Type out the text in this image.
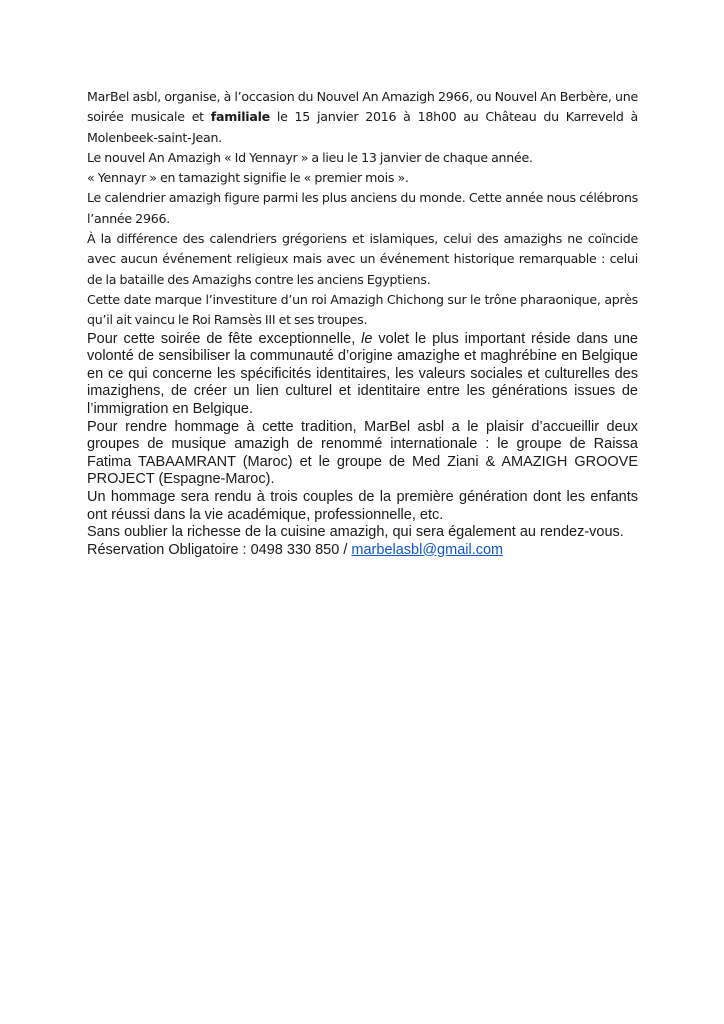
MarBel asbl, organise, à l’occasion du Nouvel An Amazigh 2966, ou Nouvel An Berbère, une soirée musicale et familiale le 15 janvier 2016 à 18h00 au Château du Karreveld à Molenbeek-saint-Jean.

Le nouvel An Amazigh « Id Yennayr » a lieu le 13 janvier de chaque année.

« Yennayr » en tamazight signifie le « premier mois ».

Le calendrier amazigh figure parmi les plus anciens du monde. Cette année nous célébrons l’année 2966.

À la différence des calendriers grégoriens et islamiques, celui des amazighs ne coïncide avec aucun événement religieux mais avec un événement historique remarquable : celui de la bataille des Amazighs contre les anciens Egyptiens.

Cette date marque l’investiture d’un roi Amazigh Chichong sur le trône pharaonique, après qu’il ait vaincu le Roi Ramsès III et ses troupes.

Pour cette soirée de fête exceptionnelle, le volet le plus important réside dans une volonté de sensibiliser la communauté d’origine amazighe et maghrébine en Belgique en ce qui concerne les spécificités identitaires, les valeurs sociales et culturelles des imazighens, de créer un lien culturel et identitaire entre les générations issues de l’immigration en Belgique.

Pour rendre hommage à cette tradition, MarBel asbl a le plaisir d’accueillir deux groupes de musique amazigh de renommé internationale : le groupe de Raissa Fatima TABAAMRANT (Maroc) et le groupe de Med Ziani & AMAZIGH GROOVE PROJECT (Espagne-Maroc).

Un hommage sera rendu à trois couples de la première génération dont les enfants ont réussi dans la vie académique, professionnelle, etc.

Sans oublier la richesse de la cuisine amazigh, qui sera également au rendez-vous.

Réservation Obligatoire : 0498 330 850 / marbelasbl@gmail.com
